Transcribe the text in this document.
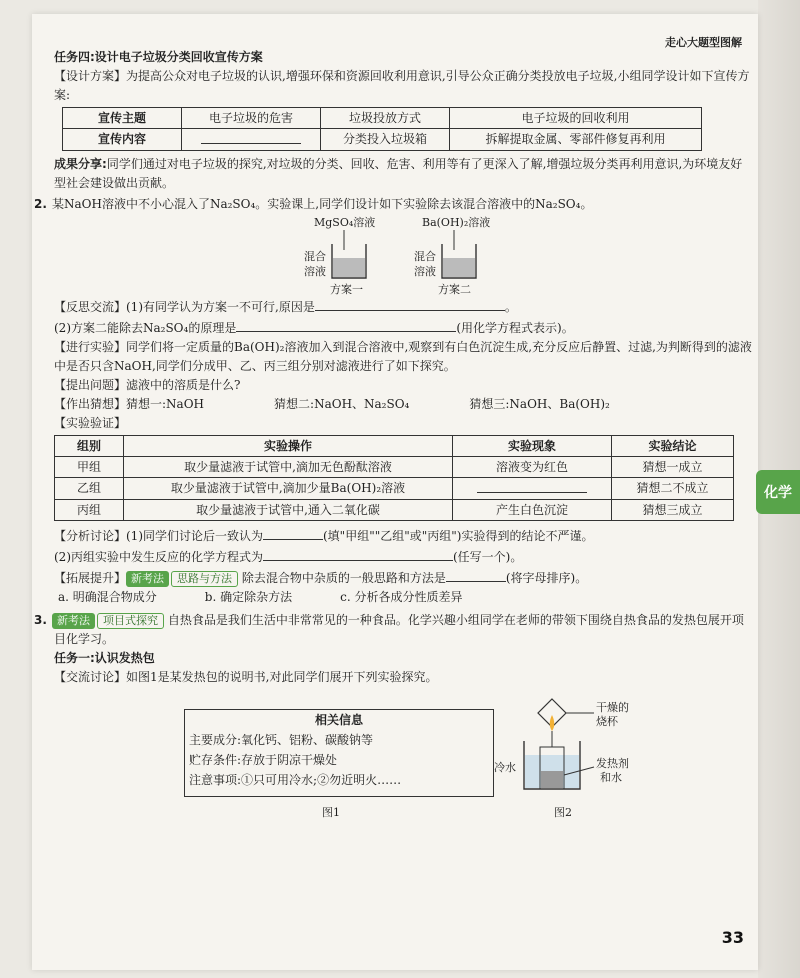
走心大题型图解
化学
任务四:设计电子垃圾分类回收宣传方案
【设计方案】为提高公众对电子垃圾的认识,增强环保和资源回收利用意识,引导公众正确分类投放电子垃圾,小组同学设计如下宣传方案:
宣传主题	电子垃圾的危害	垃圾投放方式	电子垃圾的回收利用
宣传内容		分类投入垃圾箱	拆解提取金属、零部件修复再利用
成果分享:同学们通过对电子垃圾的探究,对垃圾的分类、回收、危害、利用等有了更深入了解,增强垃圾分类再利用意识,为环境友好型社会建设做出贡献。
2. 某NaOH溶液中不小心混入了Na₂SO₄。实验课上,同学们设计如下实验除去该混合溶液中的Na₂SO₄。
MgSO₄溶液	Ba(OH)₂溶液
混合
溶液
混合
溶液
方案一	方案二
【反思交流】(1)有同学认为方案一不可行,原因是	。
(2)方案二能除去Na₂SO₄的原理是	(用化学方程式表示)。
【进行实验】同学们将一定质量的Ba(OH)₂溶液加入到混合溶液中,观察到有白色沉淀生成,充分反应后静置、过滤,为判断得到的滤液中是否只含NaOH,同学们分成甲、乙、丙三组分别对滤液进行了如下探究。
【提出问题】滤液中的溶质是什么?
【作出猜想】猜想一:NaOH	猜想二:NaOH、Na₂SO₄	猜想三:NaOH、Ba(OH)₂
【实验验证】
组别	实验操作	实验现象	实验结论
甲组	取少量滤液于试管中,滴加无色酚酞溶液	溶液变为红色	猜想一成立
乙组	取少量滤液于试管中,滴加少量Ba(OH)₂溶液		猜想二不成立
丙组	取少量滤液于试管中,通入二氧化碳	产生白色沉淀	猜想三成立
【分析讨论】(1)同学们讨论后一致认为	(填"甲组""乙组"或"丙组")实验得到的结论不严谨。
(2)丙组实验中发生反应的化学方程式为	(任写一个)。
【拓展提升】 新考法 思路与方法 除去混合物中杂质的一般思路和方法是	(将字母排序)。
a. 明确混合物成分	b. 确定除杂方法	c. 分析各成分性质差异
3. 新考法 项目式探究 自热食品是我们生活中非常常见的一种食品。化学兴趣小组同学在老师的带领下围绕自热食品的发热包展开项目化学习。
任务一:认识发热包
【交流讨论】如图1是某发热包的说明书,对此同学们展开下列实验探究。
相关信息
主要成分:氧化钙、铝粉、碳酸钠等
贮存条件:存放于阴凉干燥处
注意事项:①只可用冷水;②勿近明火……
图1
干燥的
烧杯
冷水	发热剂
和水
图2
33
